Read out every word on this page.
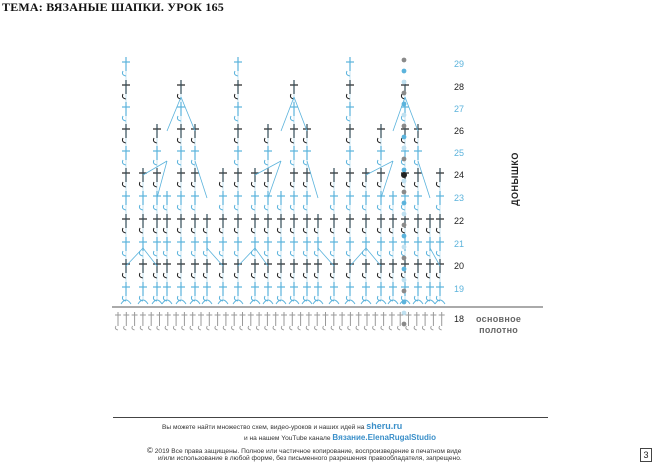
ТЕМА: ВЯЗАНЫЕ ШАПКИ. УРОК 165
29
28
27
26
25
24
23
22
21
20
19
18
ДОНЫШКО
основное
полотно
Вы можете найти множество схем, видео-уроков и наших идей на sheru.ru
и на нашем YouTube канале Вязание.ElenaRugalStudio
© 2019 Все права защищены. Полное или частичное копирование, воспроизведение в печатном виде
и/или использование в любой форме, без письменного разрешения правообладателя, запрещено.	3
